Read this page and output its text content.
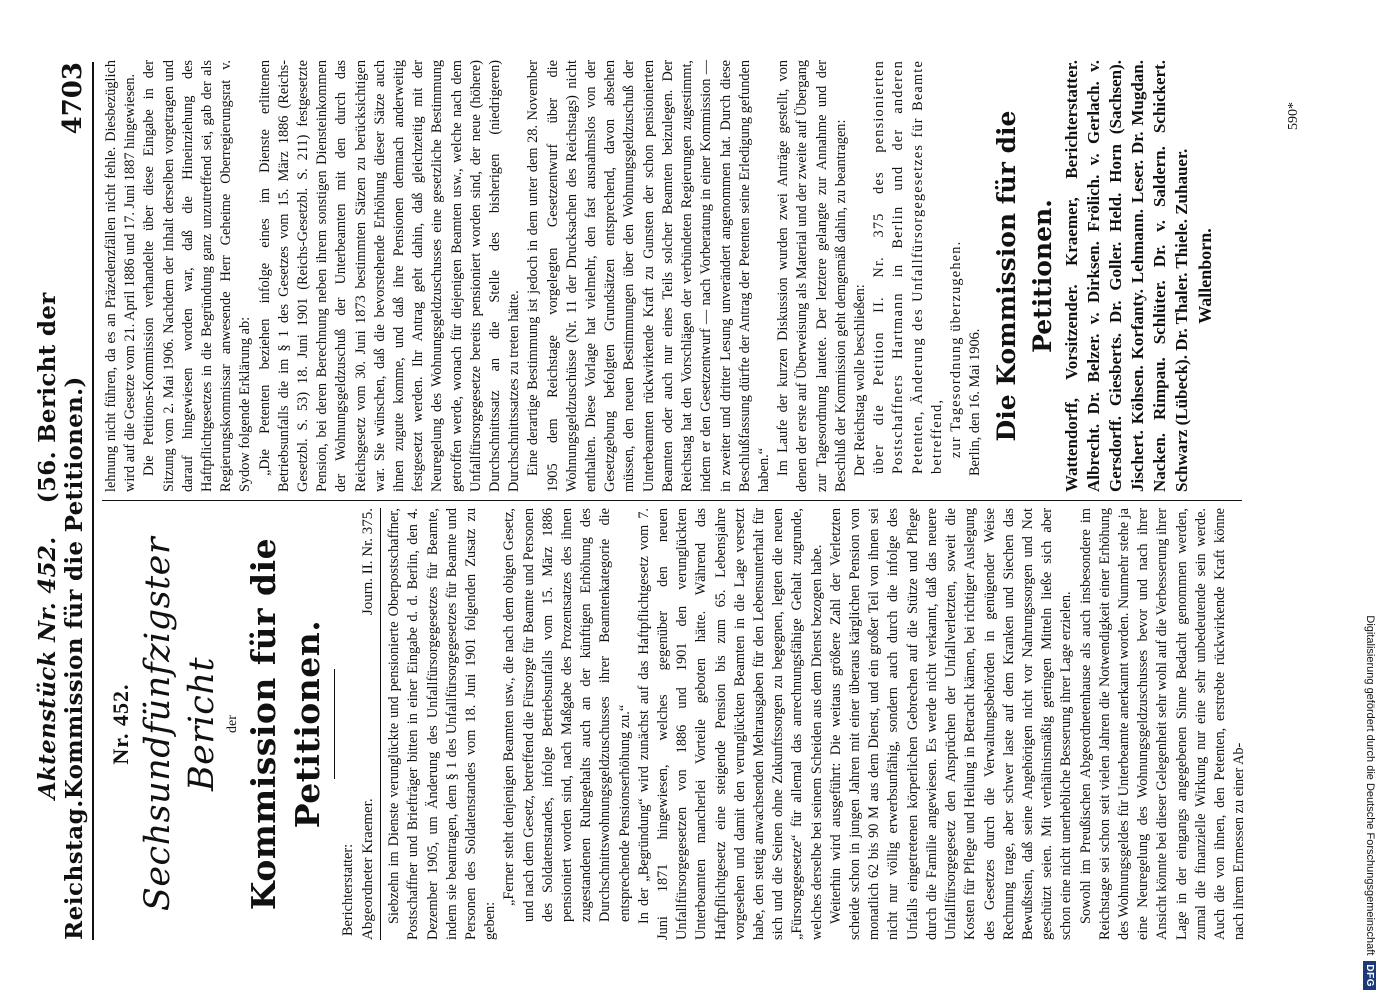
Reichstag.
Aktenstück Nr. 452.    (56. Bericht der Kommission für die Petitionen.)
4703

Nr. 452. Sechsundfünfzigster Bericht der Kommission für die Petitionen.

Berichterstatter: Abgeordneter Kraemer.
Journ. II. Nr. 375. Siebzehn im Dienste verunglückte und pensionierte Oberpostschaffner, Postschaffner und Briefträger bitten in einer Eingabe d. d. Berlin, den 4. Dezember 1905, um Änderung des Unfallfürsorgegesetzes für Beamte, indem sie beantragen, dem § 1 des Unfallfürsorgegesetzes für Beamte und Personen des Soldatenstandes vom 18. Juni 1901 folgenden Zusatz zu geben:

„Ferner steht denjenigen Beamten usw., die nach dem obigen Gesetz, und nach dem Gesetz, betreffend die Fürsorge für Beamte und Personen des Soldatenstandes, infolge Betriebsunfalls vom 15. März 1886 pensioniert worden sind, nach Maßgabe des Prozentsatzes des ihnen zugestandenen Ruhegehalts auch an der künftigen Erhöhung des Durchschnittswohnungsgeldzuschusses ihrer Beamtenkategorie die entsprechende Pensionserhöhung zu.“ In der „Begründung“ wird zunächst auf das Haftpflichtgesetz vom 7. Juni 1871 hingewiesen, welches gegenüber den neuen Unfallfürsorgegesetzen von 1886 und 1901 den verunglückten Unterbeamten mancherlei Vorteile geboten hätte. Während das Haftpflichtgesetz eine steigende Pension bis zum 65. Lebensjahre vorgesehen und damit den verunglückten Beamten in die Lage versetzt habe, den stetig anwachsenden Mehrausgaben für den Lebensunterhalt für sich und die Seinen ohne Zukunftssorgen zu begegnen, legten die neuen „Fürsorgegesetze“ für allemal das anrechnungsfähige Gehalt zugrunde, welches derselbe bei seinem Scheiden aus dem Dienst bezogen habe. Weiterhin wird ausgeführt: Die weitaus größere Zahl der Verletzten scheide schon in jungen Jahren mit einer überaus kärglichen Pension von monatlich 62 bis 90 M aus dem Dienst, und ein großer Teil von ihnen sei nicht nur völlig erwerbsunfähig, sondern auch durch die infolge des Unfalls eingetretenen körperlichen Gebrechen auf die Stütze und Pflege durch die Familie angewiesen. Es werde nicht verkannt, daß das neuere Unfallfürsorgegesetz den Ansprüchen der Unfallverletzten, soweit die Kosten für Pflege und Heilung in Betracht kämen, bei richtiger Auslegung des Gesetzes durch die Verwaltungsbehörden in genügender Weise Rechnung trage, aber schwer laste auf dem Kranken und Siechen das Bewußtsein, daß seine Angehörigen nicht vor Nahrungssorgen und Not geschützt seien. Mit verhältnismäßig geringen Mitteln ließe sich aber schon eine nicht unerhebliche Besserung ihrer Lage erzielen. Sowohl im Preußischen Abgeordnetenhause als auch insbesondere im Reichstage sei schon seit vielen Jahren die Notwendigkeit einer Erhöhung des Wohnungsgeldes für Unterbeamte anerkannt worden. Nunmehr stehe ja eine Neuregelung des Wohnungsgeldzuschusses bevor und nach ihrer Ansicht könnte bei dieser Gelegenheit sehr wohl auf die Verbesserung ihrer Lage in der eingangs angegebenen Sinne Bedacht genommen werden, zumal die finanzielle Wirkung nur eine sehr unbedeutende sein werde. Auch die von ihnen, den Petenten, erstrebte rückwirkende Kraft könne nach ihrem Ermessen zu einer Ab-

lehnung nicht führen, da es an Präzedenzfällen nicht fehle. Diesbezüglich wird auf die Gesetze vom 21. April 1886 und 17. Juni 1887 hingewiesen. Die Petitions-Kommission verhandelte über diese Eingabe in der Sitzung vom 2. Mai 1906. Nachdem der Inhalt derselben vorgetragen und darauf hingewiesen worden war, daß die Hineinziehung des Haftpflichtgesetzes in die Begründung ganz unzutreffend sei, gab der als Regierungskommissar anwesende Herr Geheime Oberregierungsrat v. Sydow folgende Erklärung ab: „Die Petenten beziehen infolge eines im Dienste erlittenen Betriebsunfalls die im § 1 des Gesetzes vom 15. März 1886 (Reichs-Gesetzbl. S. 53) 18. Juni 1901 (Reichs-Gesetzbl. S. 211) festgesetzte Pension, bei deren Berechnung neben ihrem sonstigen Diensteinkommen der Wohnungsgeldzuschuß der Unterbeamten mit den durch das Reichsgesetz vom 30. Juni 1873 bestimmten Sätzen zu berücksichtigen war. Sie wünschen, daß die bevorstehende Erhöhung dieser Sätze auch ihnen zugute komme, und daß ihre Pensionen demnach anderweitig festgesetzt werden. Ihr Antrag geht dahin, daß gleichzeitig mit der Neuregelung des Wohnungsgeldzuschusses eine gesetzliche Bestimmung getroffen werde, wonach für diejenigen Beamten usw., welche nach dem Unfallfürsorgegesetze bereits pensioniert worden sind, der neue (höhere) Durchschnittssatz an die Stelle des bisherigen (niedrigeren) Durchschnittssatzes zu treten hätte. Eine derartige Bestimmung ist jedoch in dem unter dem 28. November 1905 dem Reichstage vorgelegten Gesetzentwurf über die Wohnungsgeldzuschüsse (Nr. 11 der Drucksachen des Reichstags) nicht enthalten. Diese Vorlage hat vielmehr, den fast ausnahmslos von der Gesetzgebung befolgten Grundsätzen entsprechend, davon absehen müssen, den neuen Bestimmungen über den Wohnungsgeldzuschuß der Unterbeamten rückwirkende Kraft zu Gunsten der schon pensionierten Beamten oder auch nur eines Teils solcher Beamten beizulegen. Der Reichstag hat den Vorschlägen der verbündeten Regierungen zugestimmt, indem er den Gesetzentwurf — nach Vorberatung in einer Kommission — in zweiter und dritter Lesung unverändert angenommen hat. Durch diese Beschlußfassung dürfte der Antrag der Petenten seine Erledigung gefunden haben.“ Im Laufe der kurzen Diskussion wurden zwei Anträge gestellt, von denen der erste auf Überweisung als Material und der zweite auf Übergang zur Tagesordnung lautete. Der letztere gelangte zur Annahme und der Beschluß der Kommission geht demgemäß dahin, zu beantragen: Der Reichstag wolle beschließen: über die Petition II. Nr. 375 des pensionierten Postschaffners Hartmann in Berlin und der anderen Petenten, Änderung des Unfallfürsorgegesetzes für Beamte betreffend, zur Tagesordnung überzugehen. Berlin, den 16. Mai 1906. Die Kommission für die Petitionen. Wattendorff, Vorsitzender. Kraemer, Berichterstatter. Albrecht. Dr. Belzer. v. Dirksen. Frölich. v. Gerlach. v. Gersdorff. Giesberts. Dr. Goller. Held. Horn (Sachsen). Jischert. Köhsen. Korfanty. Lehmann. Leser. Dr. Mugdan. Nacken. Rimpau. Schlüter. Dr. v. Saldern. Schickert. Schwarz (Lübeck). Dr. Thaler. Thiele. Zuhauer. Wallenborn.

590*
Digitalisierung gefördert durch die Deutsche Forschungsgemeinschaft
DFG
